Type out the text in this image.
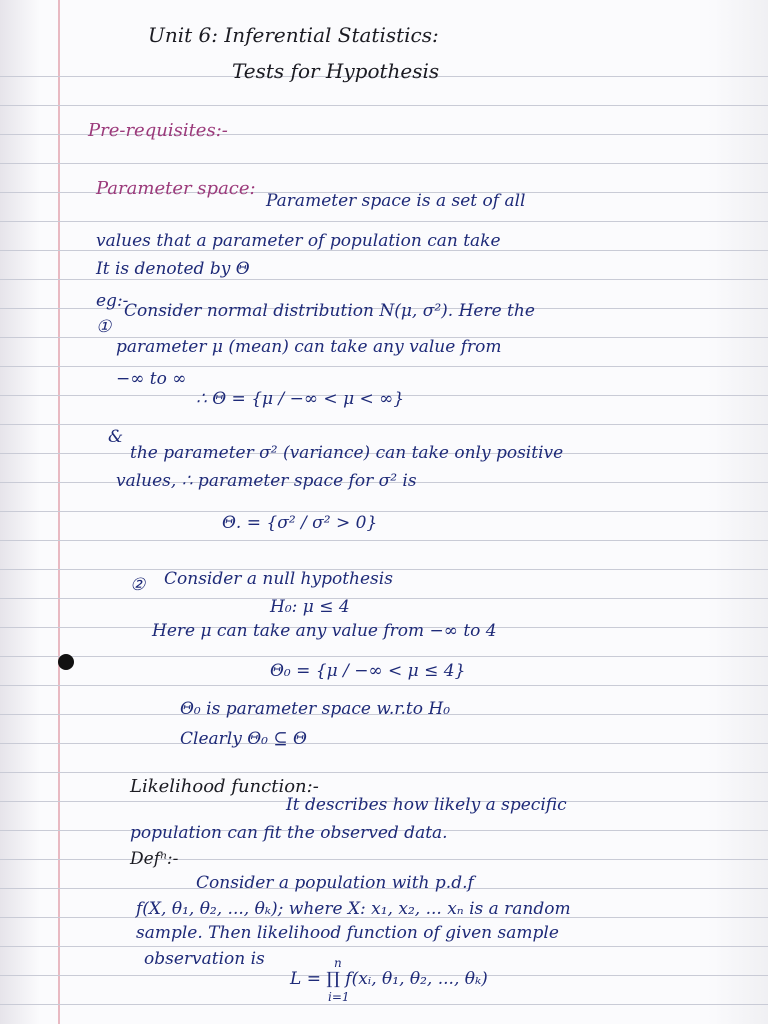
Unit 6: Inferential Statistics:
Tests for Hypothesis
Pre-requisites:-
Parameter space:
Parameter space is a set of all
values that a parameter of population can take
It is denoted by Θ
eg:-
①
Consider normal distribution N(μ, σ²). Here the
parameter μ (mean) can take any value from
−∞ to ∞
∴ Θ = {μ / −∞ < μ < ∞}
&
the parameter σ² (variance) can take only positive
values, ∴ parameter space for σ² is
Θ. = {σ² / σ² > 0}
② Consider a null hypothesis
H₀: μ ≤ 4
Here μ can take any value from −∞ to 4
Θ₀ = {μ / −∞ < μ ≤ 4}
Θ₀ is parameter space w.r.to H₀
Clearly Θ₀ ⊆ Θ
Likelihood function:-
It describes how likely a specific
population can fit the observed data.
Defⁿ:-
Consider a population with p.d.f
f(X, θ₁, θ₂, ..., θₖ); where X: x₁, x₂, ... xₙ is a random
sample. Then likelihood function of given sample
observation is	n
L = ∏ f(xᵢ, θ₁, θ₂, ..., θₖ)
i=1
